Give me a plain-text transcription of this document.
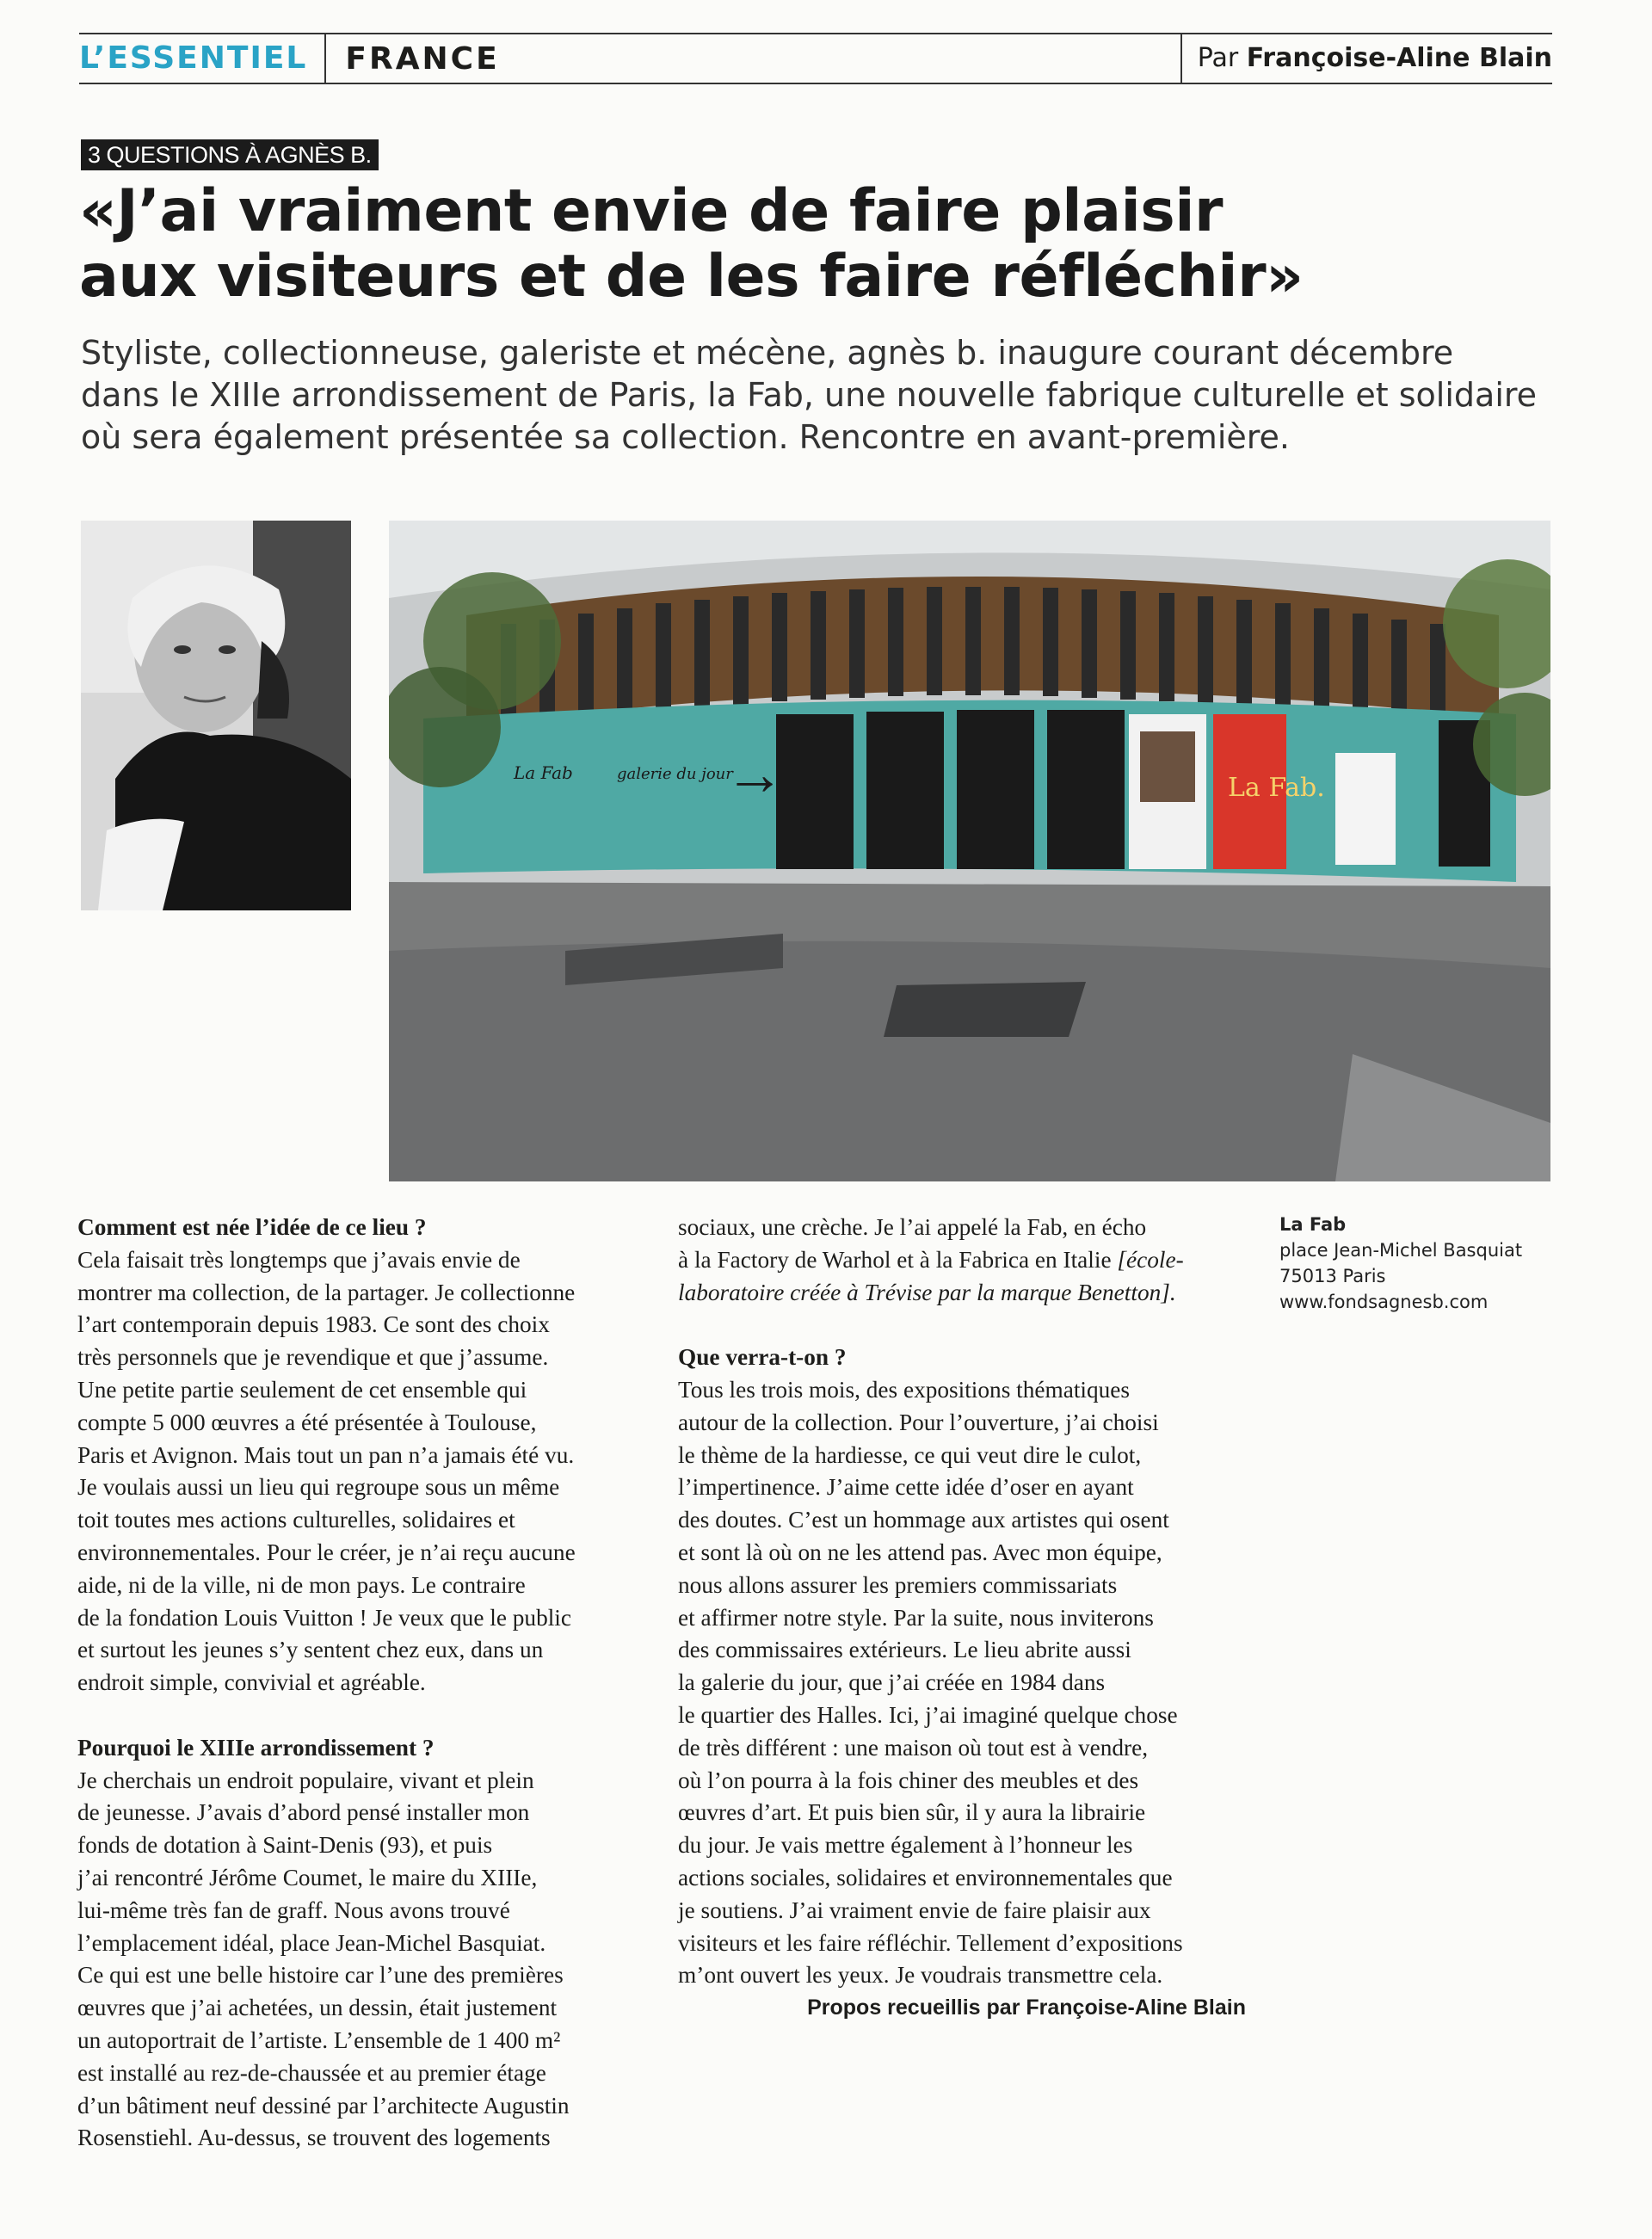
L’ESSENTIEL	FRANCE	Par Françoise-Aline Blain
3 QUESTIONS À AGNÈS B.
«J’ai vraiment envie de faire plaisir
aux visiteurs et de les faire réfléchir»

Styliste, collectionneuse, galeriste et mécène, agnès b. inaugure courant décembre
dans le XIIIe arrondissement de Paris, la Fab, une nouvelle fabrique culturelle et solidaire
où sera également présentée sa collection. Rencontre en avant-première.

→	La Fab.
La Fab	galerie du jour

Comment est née l’idée de ce lieu ?

Cela faisait très longtemps que j’avais envie de
montrer ma collection, de la partager. Je collectionne
l’art contemporain depuis 1983. Ce sont des choix
très personnels que je revendique et que j’assume.
Une petite partie seulement de cet ensemble qui
compte 5 000 œuvres a été présentée à Toulouse,
Paris et Avignon. Mais tout un pan n’a jamais été vu.
Je voulais aussi un lieu qui regroupe sous un même
toit toutes mes actions culturelles, solidaires et
environnementales. Pour le créer, je n’ai reçu aucune
aide, ni de la ville, ni de mon pays. Le contraire
de la fondation Louis Vuitton ! Je veux que le public
et surtout les jeunes s’y sentent chez eux, dans un
endroit simple, convivial et agréable.

Pourquoi le XIIIe arrondissement ?

Je cherchais un endroit populaire, vivant et plein
de jeunesse. J’avais d’abord pensé installer mon
fonds de dotation à Saint-Denis (93), et puis
j’ai rencontré Jérôme Coumet, le maire du XIIIe,
lui-même très fan de graff. Nous avons trouvé
l’emplacement idéal, place Jean-Michel Basquiat.
Ce qui est une belle histoire car l’une des premières
œuvres que j’ai achetées, un dessin, était justement
un autoportrait de l’artiste. L’ensemble de 1 400 m²
est installé au rez-de-chaussée et au premier étage
d’un bâtiment neuf dessiné par l’architecte Augustin
Rosenstiehl. Au-dessus, se trouvent des logements

sociaux, une crèche. Je l’ai appelé la Fab, en écho
à la Factory de Warhol et à la Fabrica en Italie [école-
laboratoire créée à Trévise par la marque Benetton].

Que verra-t-on ?

Tous les trois mois, des expositions thématiques
autour de la collection. Pour l’ouverture, j’ai choisi
le thème de la hardiesse, ce qui veut dire le culot,
l’impertinence. J’aime cette idée d’oser en ayant
des doutes. C’est un hommage aux artistes qui osent
et sont là où on ne les attend pas. Avec mon équipe,
nous allons assurer les premiers commissariats
et affirmer notre style. Par la suite, nous inviterons
des commissaires extérieurs. Le lieu abrite aussi
la galerie du jour, que j’ai créée en 1984 dans
le quartier des Halles. Ici, j’ai imaginé quelque chose
de très différent : une maison où tout est à vendre,
où l’on pourra à la fois chiner des meubles et des
œuvres d’art. Et puis bien sûr, il y aura la librairie
du jour. Je vais mettre également à l’honneur les
actions sociales, solidaires et environnementales que
je soutiens. J’ai vraiment envie de faire plaisir aux
visiteurs et les faire réfléchir. Tellement d’expositions
m’ont ouvert les yeux. Je voudrais transmettre cela.

Propos recueillis par Françoise-Aline Blain
La Fab
place Jean-Michel Basquiat
75013 Paris
www.fondsagnesb.com
